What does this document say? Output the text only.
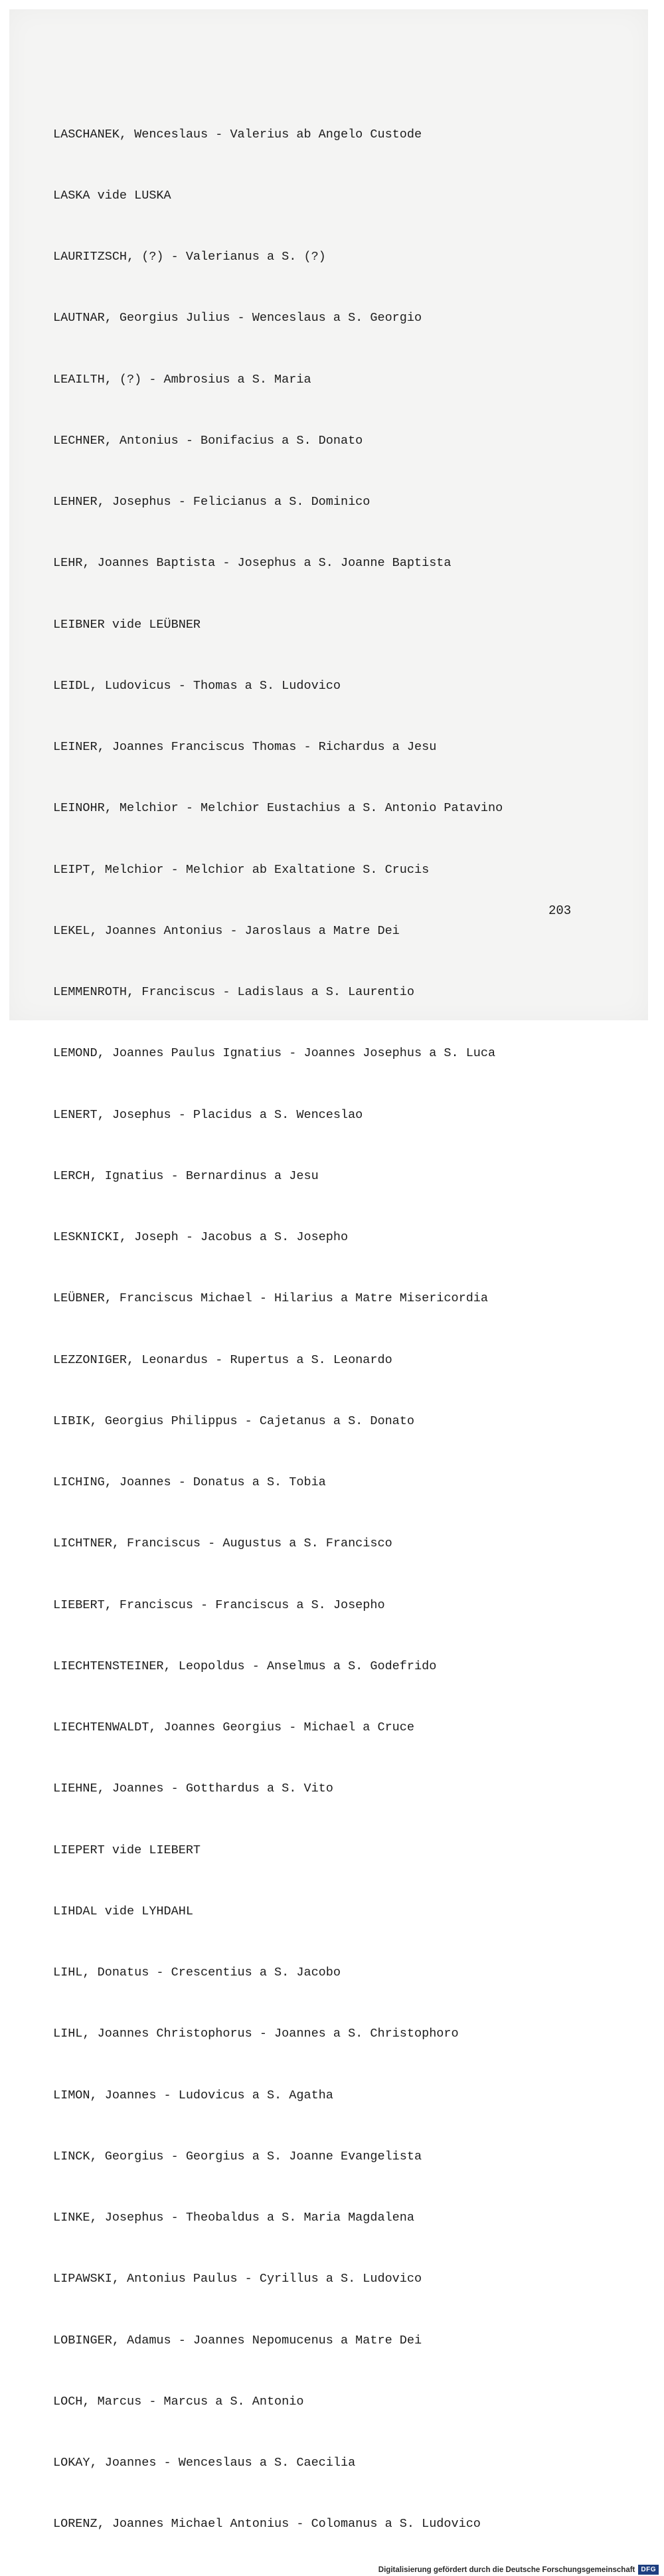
LASCHANEK, Wenceslaus - Valerius ab Angelo Custode

LASKA vide LUSKA

LAURITZSCH, (?) - Valerianus a S. (?)

LAUTNAR, Georgius Julius - Wenceslaus a S. Georgio

LEAILTH, (?) - Ambrosius a S. Maria

LECHNER, Antonius - Bonifacius a S. Donato

LEHNER, Josephus - Felicianus a S. Dominico

LEHR, Joannes Baptista - Josephus a S. Joanne Baptista

LEIBNER vide LEÜBNER

LEIDL, Ludovicus - Thomas a S. Ludovico

LEINER, Joannes Franciscus Thomas - Richardus a Jesu

LEINOHR, Melchior - Melchior Eustachius a S. Antonio Patavino

LEIPT, Melchior - Melchior ab Exaltatione S. Crucis

LEKEL, Joannes Antonius - Jaroslaus a Matre Dei

LEMMENROTH, Franciscus - Ladislaus a S. Laurentio

LEMOND, Joannes Paulus Ignatius - Joannes Josephus a S. Luca

LENERT, Josephus - Placidus a S. Wenceslao

LERCH, Ignatius - Bernardinus a Jesu

LESKNICKI, Joseph - Jacobus a S. Josepho

LEÜBNER, Franciscus Michael - Hilarius a Matre Misericordia

LEZZONIGER, Leonardus - Rupertus a S. Leonardo

LIBIK, Georgius Philippus - Cajetanus a S. Donato

LICHING, Joannes - Donatus a S. Tobia

LICHTNER, Franciscus - Augustus a S. Francisco

LIEBERT, Franciscus - Franciscus a S. Josepho

LIECHTENSTEINER, Leopoldus - Anselmus a S. Godefrido

LIECHTENWALDT, Joannes Georgius - Michael a Cruce

LIEHNE, Joannes - Gotthardus a S. Vito

LIEPERT vide LIEBERT

LIHDAL vide LYHDAHL

LIHL, Donatus - Crescentius a S. Jacobo

LIHL, Joannes Christophorus - Joannes a S. Christophoro

LIMON, Joannes - Ludovicus a S. Agatha

LINCK, Georgius - Georgius a S. Joanne Evangelista

LINKE, Josephus - Theobaldus a S. Maria Magdalena

LIPAWSKI, Antonius Paulus - Cyrillus a S. Ludovico

LOBINGER, Adamus - Joannes Nepomucenus a Matre Dei

LOCH, Marcus - Marcus a S. Antonio

LOKAY, Joannes - Wenceslaus a S. Caecilia

LORENZ, Joannes Michael Antonius - Colomanus a S. Ludovico

203
Digitalisierung gefördert durch die Deutsche Forschungsgemeinschaft DFG
